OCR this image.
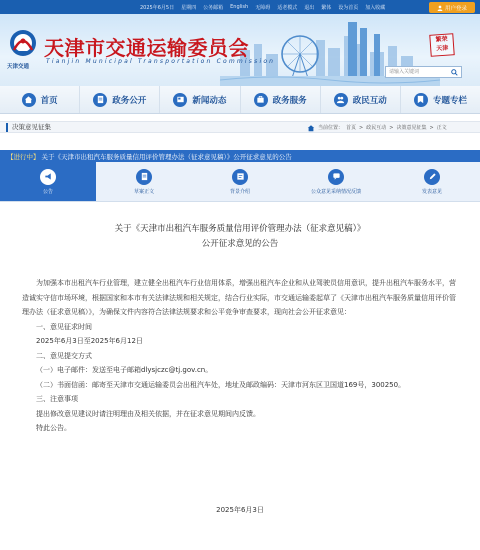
2025年6月5日 星期四 公务邮箱 English 无障碍 适老模式 退出 繁体 设为首页 加入收藏	用户登录
天津交通
天津市交通运输委员会
Tianjin Municipal Transportation Commission
繁荣
天津
请输入关键词
首页	政务公开	新闻动态	政务服务	政民互动	专题专栏
决策意见征集	当前位置： 首页 > 政民互动 > 决策意见征集 > 正文
【进行中】 关于《天津市出租汽车服务质量信用评价管理办法（征求意见稿）》公开征求意见的公告
公告	草案正文	背景介绍	公众意见采纳情况反馈	发表意见
关于《天津市出租汽车服务质量信用评价管理办法（征求意见稿）》
公开征求意见的公告

为加强本市出租汽车行业管理，建立健全出租汽车行业信用体系，增强出租汽车企业和从业驾驶员信用意识，提升出租汽车服务水平，营造诚实守信市场环境，根据国家和本市有关法律法规和相关规定，结合行业实际，市交通运输委起草了《天津市出租汽车服务质量信用评价管理办法（征求意见稿）》，为确保文件内容符合法律法规要求和公平竞争审查要求，现向社会公开征求意见：

一、意见征求时间

2025年6月3日至2025年6月12日

二、意见提交方式

（一）电子邮件：发送至电子邮箱dlysjczc@tj.gov.cn。

（二）书面信函：邮寄至天津市交通运输委员会出租汽车处，地址及邮政编码：天津市河东区卫国道169号，300250。

三、注意事项

提出修改意见建议时请注明理由及相关依据，并在征求意见期间内反馈。

特此公告。

2025年6月3日
